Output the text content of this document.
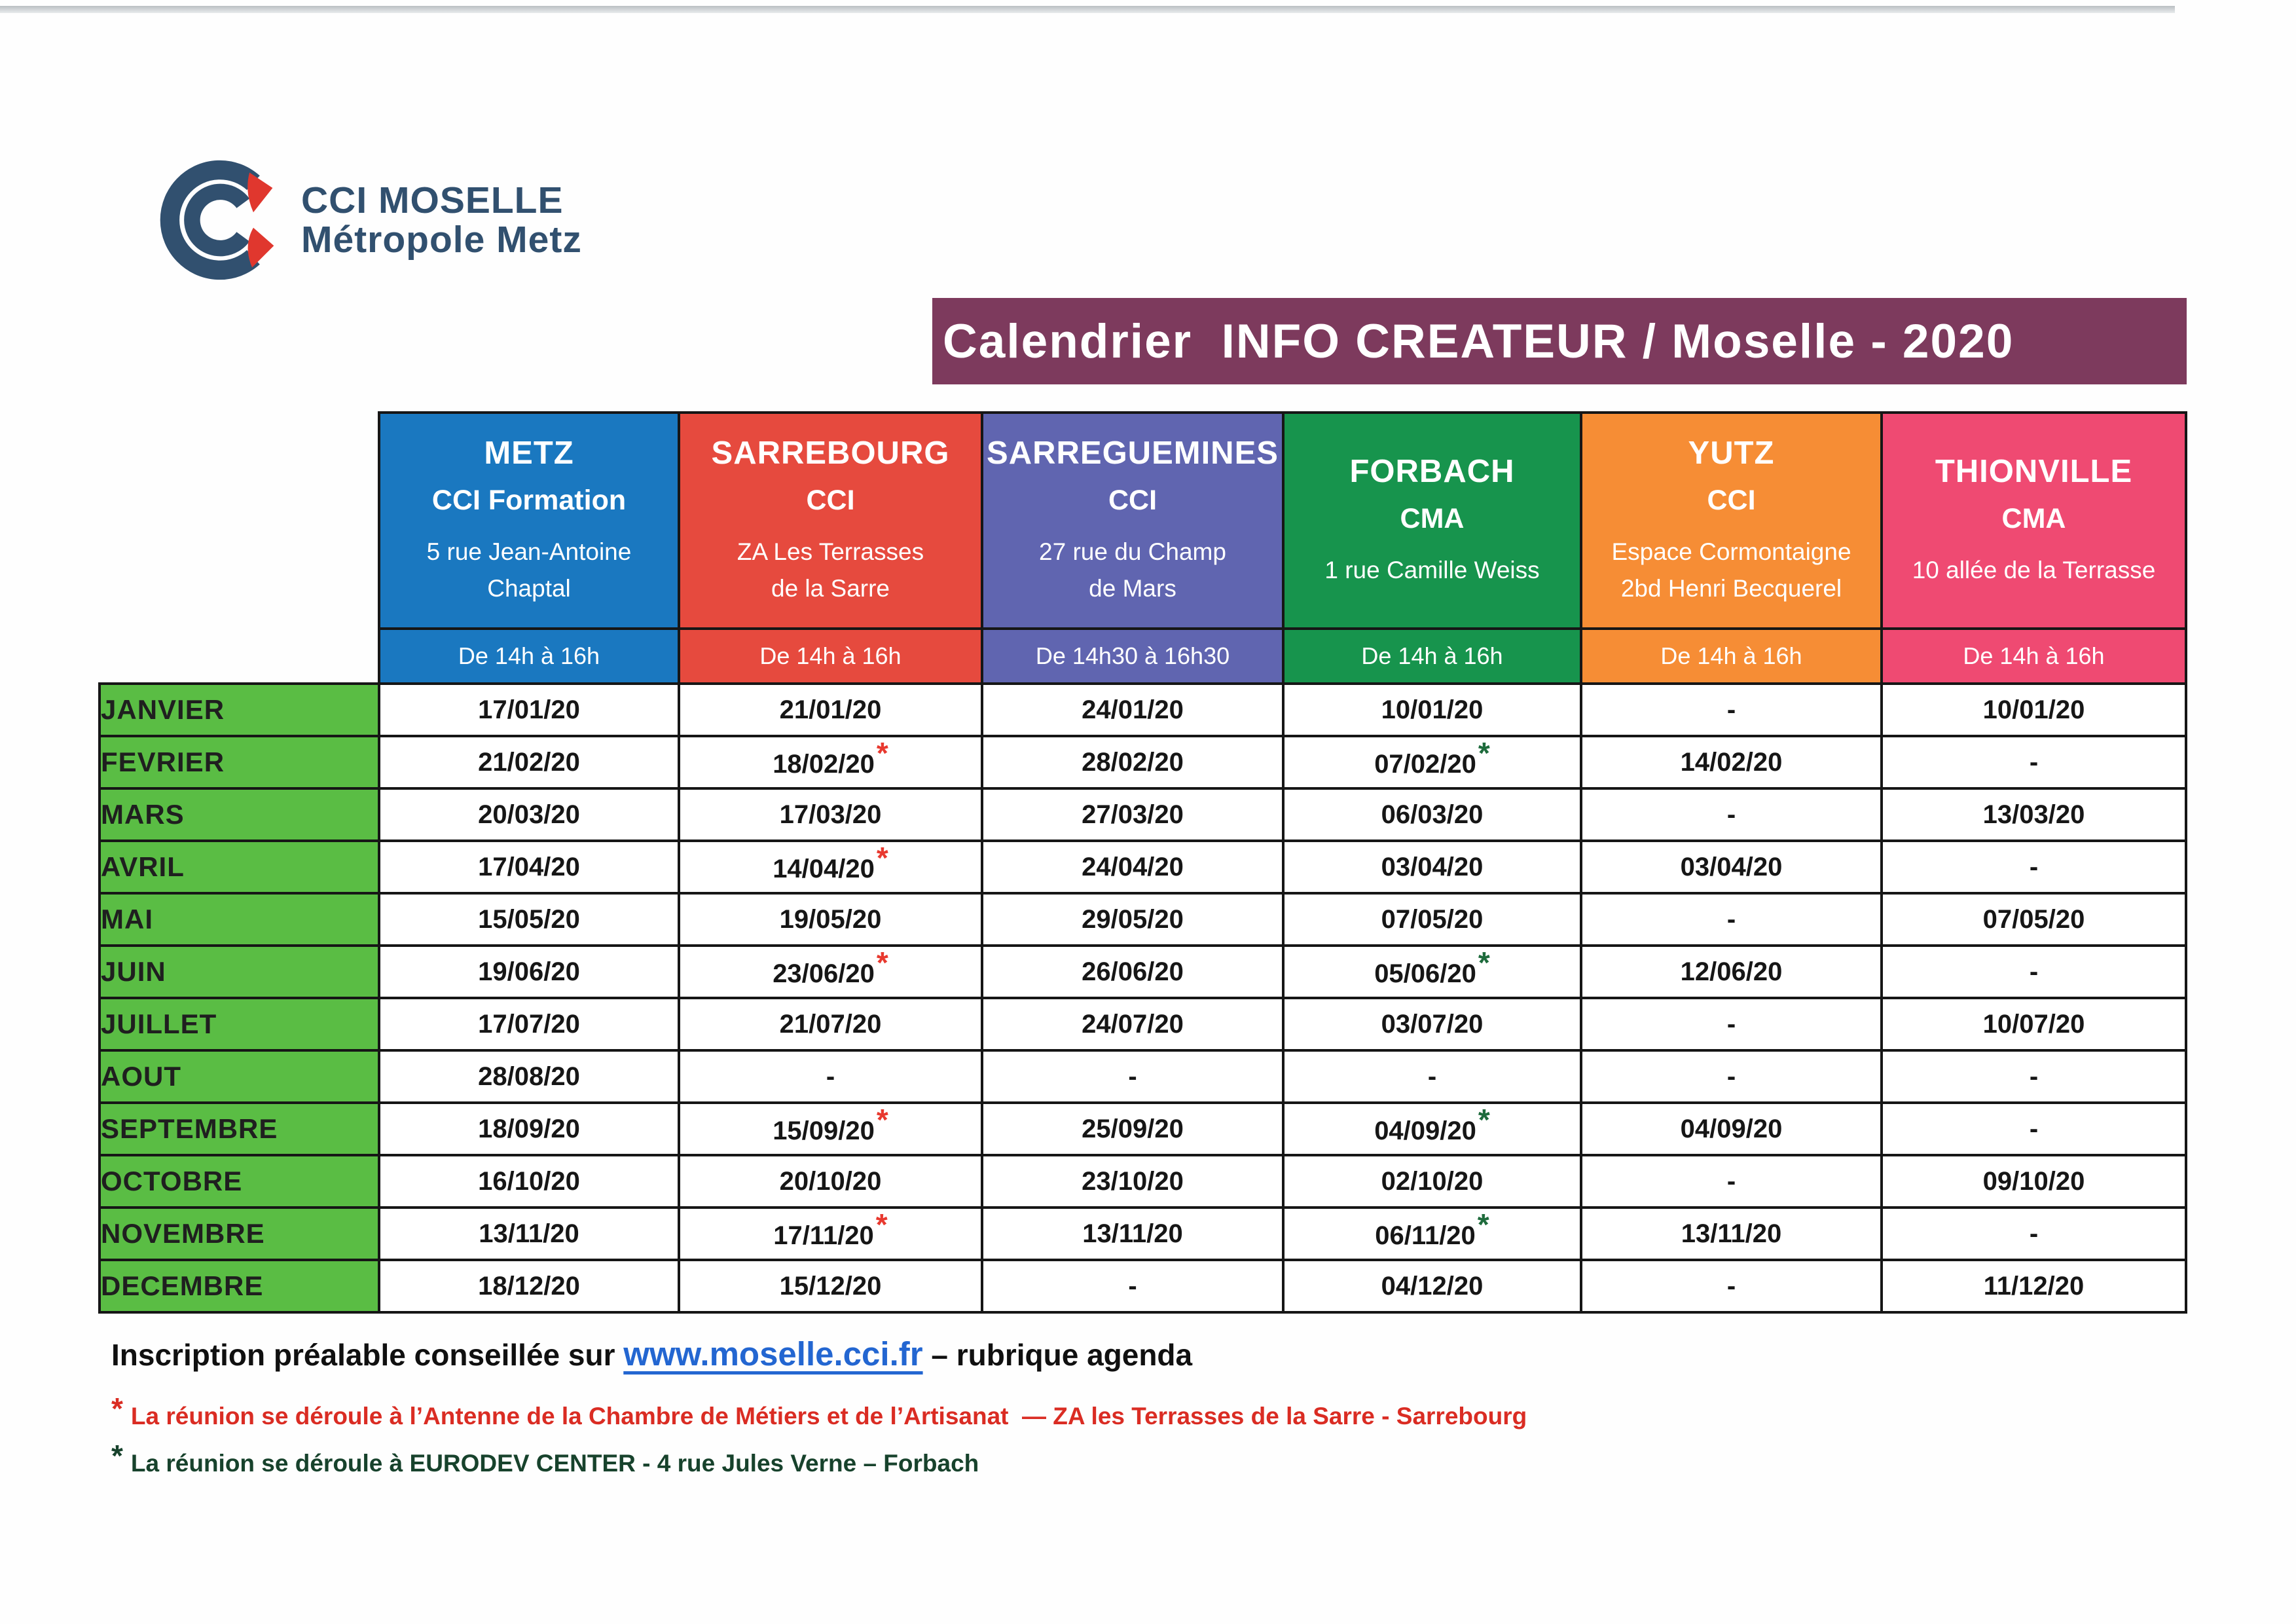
CCI MOSELLE
Métropole Metz
Calendrier  INFO CREATEUR / Moselle - 2020

METZ
CCI Formation
5 rue Jean-Antoine
Chaptal

SARREBOURG
CCI
ZA Les Terrasses
de la Sarre

SARREGUEMINES
CCI
27 rue du Champ
de Mars

FORBACH
CMA
1 rue Camille Weiss

YUTZ
CCI
Espace Cormontaigne
2bd Henri Becquerel

THIONVILLE
CMA
10 allée de la Terrasse

	De 14h à 16h	De 14h à 16h	De 14h30 à 16h30	De 14h à 16h	De 14h à 16h	De 14h à 16h
JANVIER	17/01/20	21/01/20	24/01/20	10/01/20	-	10/01/20
FEVRIER	21/02/20	18/02/20*	28/02/20	07/02/20*	14/02/20	-
MARS	20/03/20	17/03/20	27/03/20	06/03/20	-	13/03/20
AVRIL	17/04/20	14/04/20*	24/04/20	03/04/20	03/04/20	-
MAI	15/05/20	19/05/20	29/05/20	07/05/20	-	07/05/20
JUIN	19/06/20	23/06/20*	26/06/20	05/06/20*	12/06/20	-
JUILLET	17/07/20	21/07/20	24/07/20	03/07/20	-	10/07/20
AOUT	28/08/20	-	-	-	-	-
SEPTEMBRE	18/09/20	15/09/20*	25/09/20	04/09/20*	04/09/20	-
OCTOBRE	16/10/20	20/10/20	23/10/20	02/10/20	-	09/10/20
NOVEMBRE	13/11/20	17/11/20*	13/11/20	06/11/20*	13/11/20	-
DECEMBRE	18/12/20	15/12/20	-	04/12/20	-	11/12/20
Inscription préalable conseillée sur www.moselle.cci.fr – rubrique agenda
* La réunion se déroule à l’Antenne de la Chambre de Métiers et de l’Artisanat  — ZA les Terrasses de la Sarre - Sarrebourg
* La réunion se déroule à EURODEV CENTER - 4 rue Jules Verne – Forbach
